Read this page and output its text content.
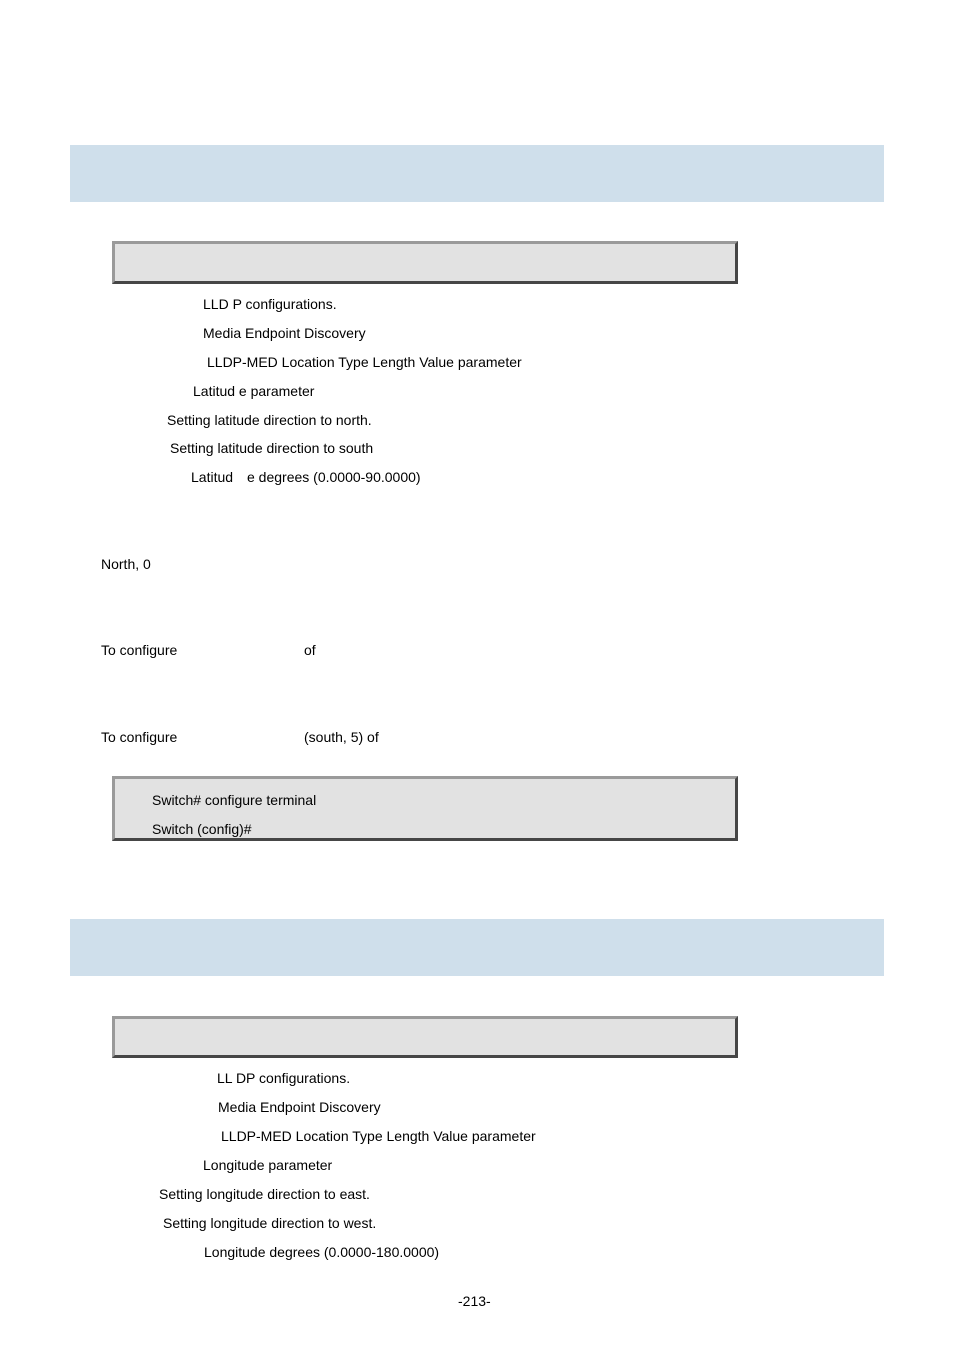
LLD P configurations.
Media Endpoint Discovery
LLDP-MED Location Type Length Value parameter
Latitud e parameter
Setting latitude direction to north.
Setting latitude direction to south
Latitud e degrees (0.0000-90.0000)
North, 0
To configure	of
To configure	(south, 5) of
Switch# configure terminal
Switch (config)#
LL DP configurations.
Media Endpoint Discovery
LLDP-MED Location Type Length Value parameter
Longitude parameter
Setting longitude direction to east.
Setting longitude direction to west.
Longitude degrees (0.0000-180.0000)
-213-
